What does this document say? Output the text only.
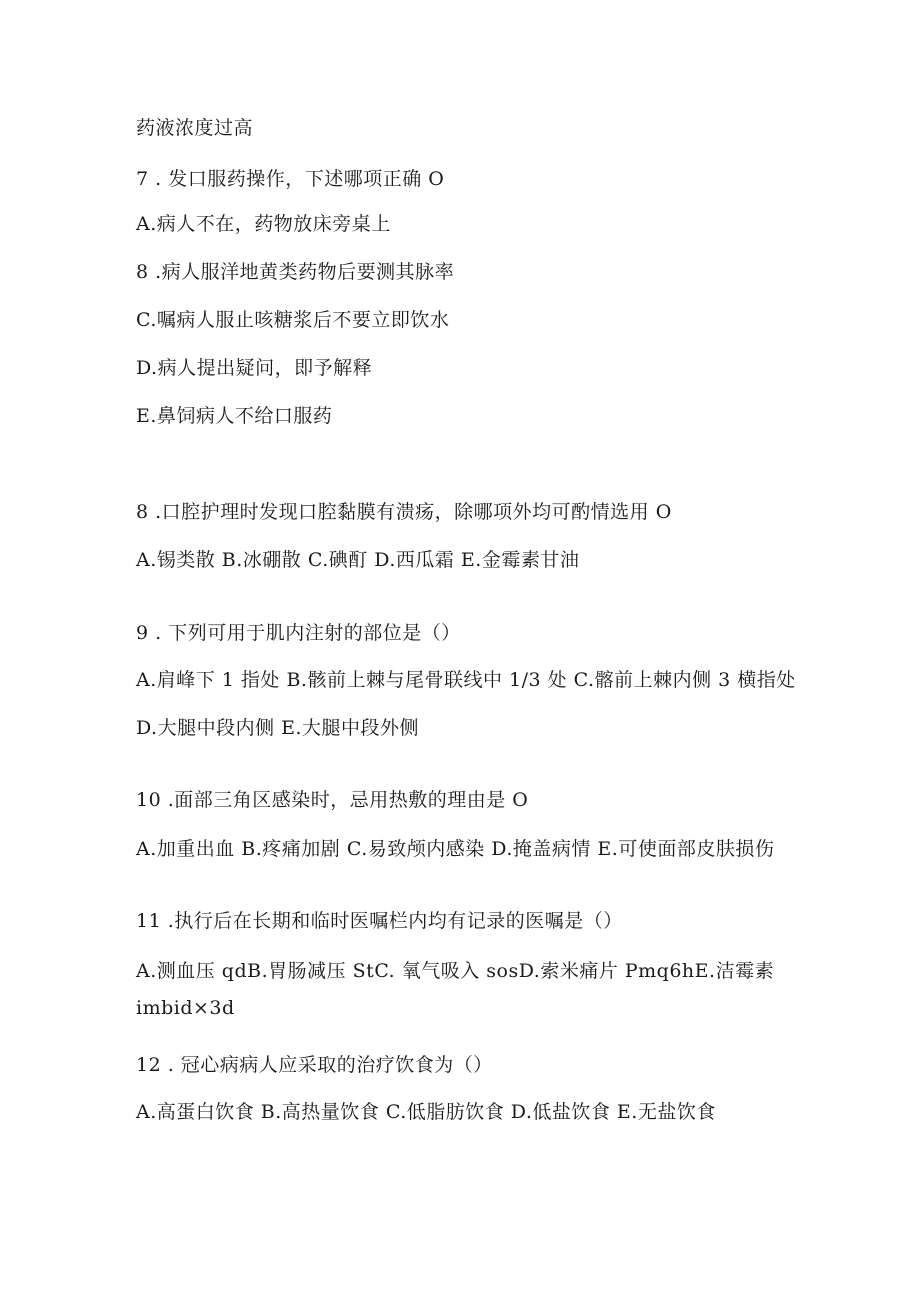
药液浓度过高
7 . 发口服药操作，下述哪项正确 O
A.病人不在，药物放床旁桌上
8 .病人服洋地黄类药物后要测其脉率
C.嘱病人服止咳糖浆后不要立即饮水
D.病人提出疑问，即予解释
E.鼻饲病人不给口服药
8 .口腔护理时发现口腔黏膜有溃疡，除哪项外均可酌情选用 O
A.锡类散 B.冰硼散 C.碘酊 D.西瓜霜 E.金霉素甘油
9 . 下列可用于肌内注射的部位是（）
A.肩峰下 1 指处 B.骸前上棘与尾骨联线中 1/3 处 C.髂前上棘内侧 3 横指处
D.大腿中段内侧 E.大腿中段外侧
10 .面部三角区感染时，忌用热敷的理由是 O
A.加重出血 B.疼痛加剧 C.易致颅内感染 D.掩盖病情 E.可使面部皮肤损伤
11 .执行后在长期和临时医嘱栏内均有记录的医嘱是（）
A.测血压 qdB.胃肠减压 StC. 氧气吸入 sosD.索米痛片 Pmq6hE.洁霉素
imbid×3d
12 . 冠心病病人应采取的治疗饮食为（）
A.高蛋白饮食 B.高热量饮食 C.低脂肪饮食 D.低盐饮食 E.无盐饮食
